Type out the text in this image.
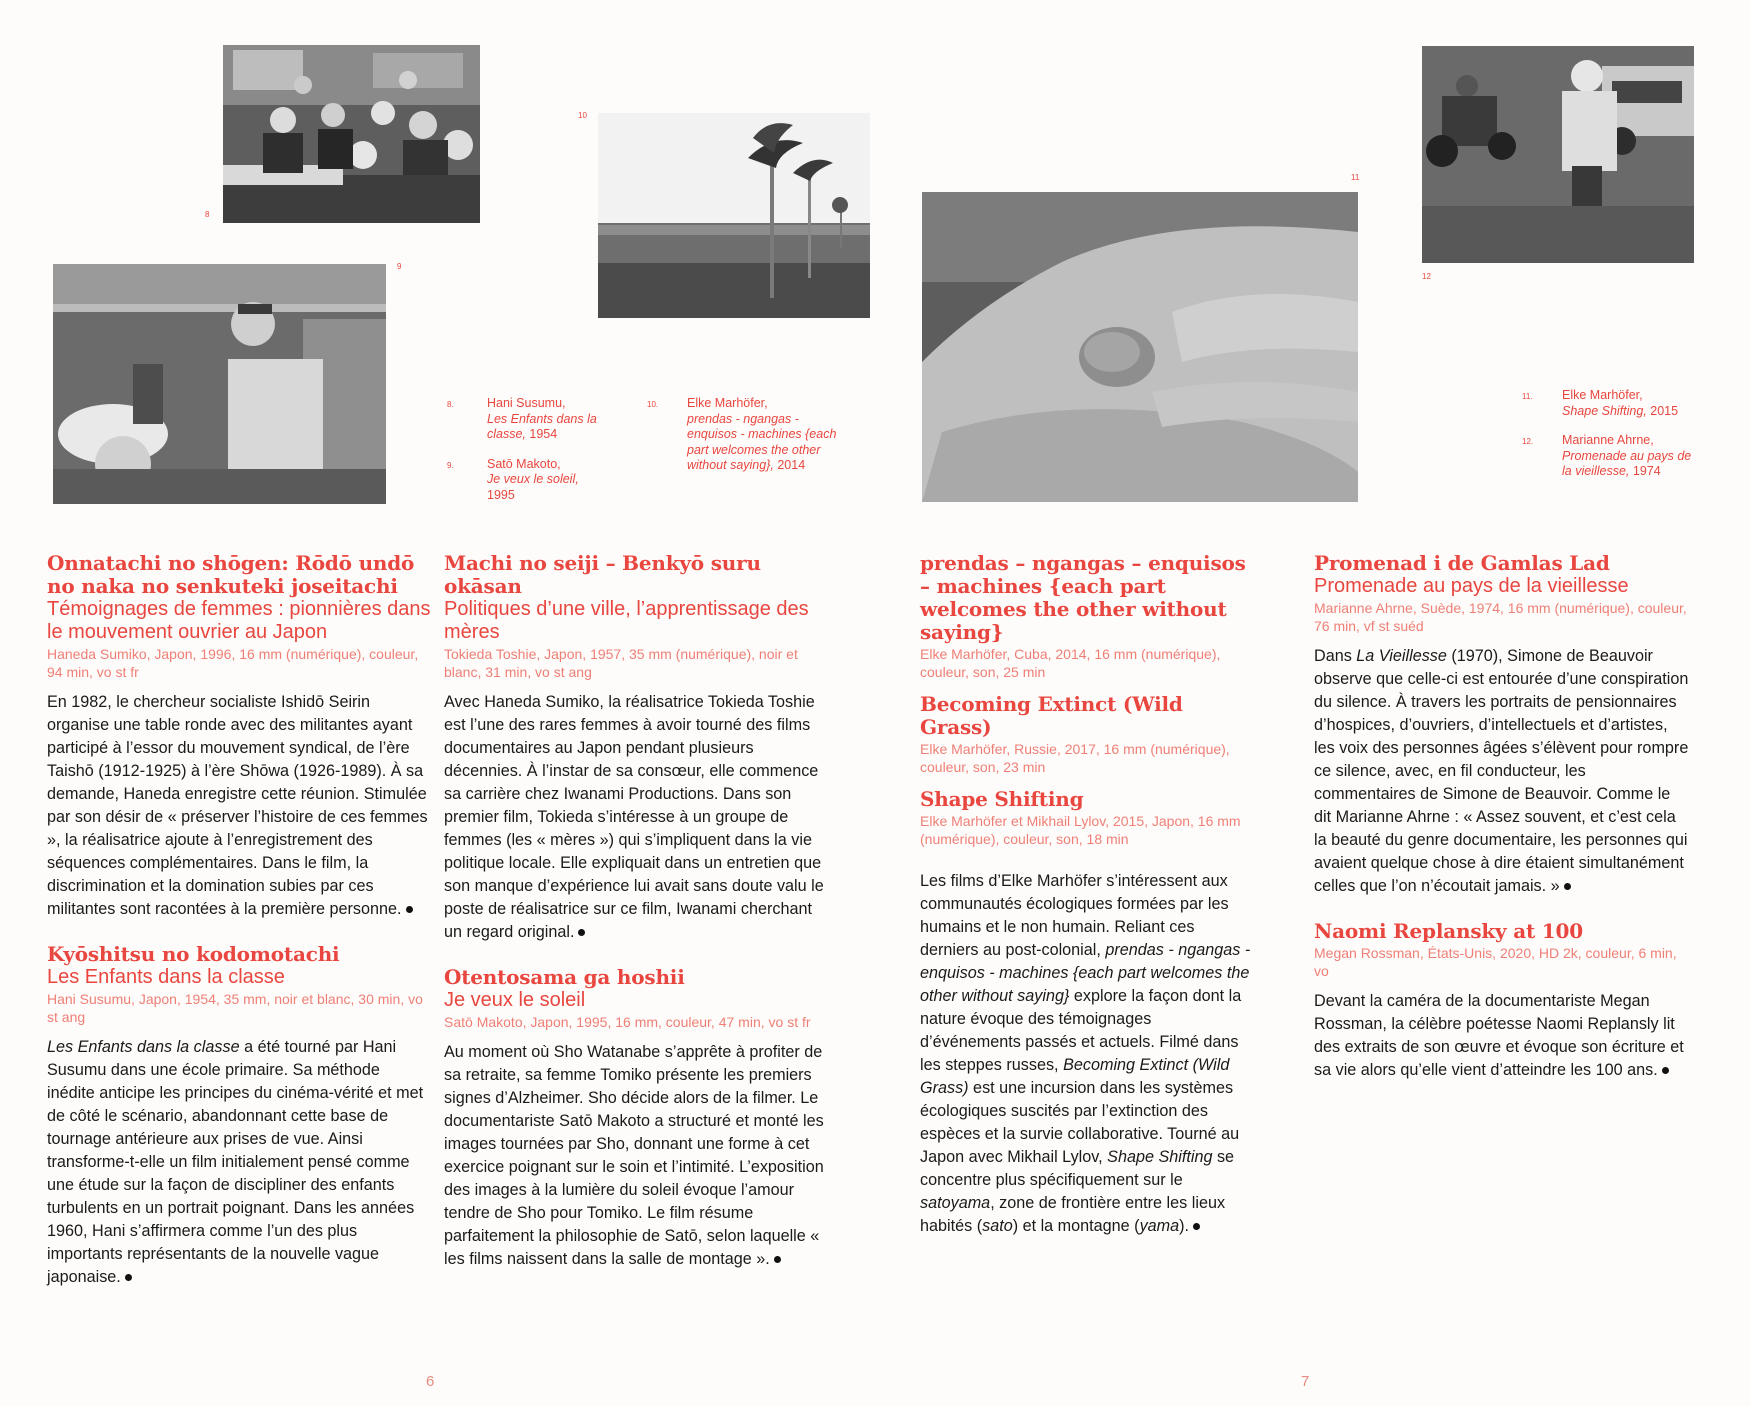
8
9
10
11
12
8.	Hani Susumu,
Les Enfants dans la classe, 1954
9.	Satō Makoto,
Je veux le soleil,
1995
10. Elke Marhöfer,
prendas - ngangas - enquisos - machines {each part welcomes the other without saying}, 2014
11. Elke Marhöfer,
Shape Shifting, 2015
12. Marianne Ahrne,
Promenade au pays de la vieillesse, 1974
Onnatachi no shōgen: Rōdō undō no naka no senkuteki joseitachi
Témoignages de femmes : pionnières dans le mouvement ouvrier au Japon
Haneda Sumiko, Japon, 1996, 16 mm (numérique), couleur, 94 min, vo st fr
En 1982, le chercheur socialiste Ishidō Seirin organise une table ronde avec des militantes ayant participé à l’essor du mouvement syndical, de l’ère Taishō (1912-1925) à l’ère Shōwa (1926-1989). À sa demande, Haneda enregistre cette réunion. Stimulée par son désir de « préserver l’histoire de ces femmes », la réalisatrice ajoute à l’enregistrement des séquences complémentaires. Dans le film, la discrimination et la domination subies par ces militantes sont racontées à la première personne.
Kyōshitsu no kodomotachi
Les Enfants dans la classe
Hani Susumu, Japon, 1954, 35 mm, noir et blanc, 30 min, vo st ang
Les Enfants dans la classe a été tourné par Hani Susumu dans une école primaire. Sa méthode inédite anticipe les principes du cinéma-vérité et met de côté le scénario, abandonnant cette base de tournage antérieure aux prises de vue. Ainsi transforme-t-elle un film initialement pensé comme une étude sur la façon de discipliner des enfants turbulents en un portrait poignant. Dans les années 1960, Hani s’affirmera comme l’un des plus importants représentants de la nouvelle vague japonaise.
Machi no seiji – Benkyō suru okāsan
Politiques d’une ville, l’apprentissage des mères
Tokieda Toshie, Japon, 1957, 35 mm (numérique), noir et blanc, 31 min, vo st ang
Avec Haneda Sumiko, la réalisatrice Tokieda Toshie est l’une des rares femmes à avoir tourné des films documentaires au Japon pendant plusieurs décennies. À l’instar de sa consœur, elle commence sa carrière chez Iwanami Productions. Dans son premier film, Tokieda s’intéresse à un groupe de femmes (les « mères ») qui s’impliquent dans la vie politique locale. Elle expliquait dans un entretien que son manque d’expérience lui avait sans doute valu le poste de réalisatrice sur ce film, Iwanami cherchant un regard original.
Otentosama ga hoshii
Je veux le soleil
Satō Makoto, Japon, 1995, 16 mm, couleur, 47 min, vo st fr
Au moment où Sho Watanabe s’apprête à profiter de sa retraite, sa femme Tomiko présente les premiers signes d’Alzheimer. Sho décide alors de la filmer. Le documentariste Satō Makoto a structuré et monté les images tournées par Sho, donnant une forme à cet exercice poignant sur le soin et l’intimité. L’exposition des images à la lumière du soleil évoque l’amour tendre de Sho pour Tomiko. Le film résume parfaitement la philosophie de Satō, selon laquelle « les films naissent dans la salle de montage ».
prendas – ngangas – enquisos – machines {each part welcomes the other without saying}
Elke Marhöfer, Cuba, 2014, 16 mm (numérique), couleur, son, 25 min
Becoming Extinct (Wild Grass)
Elke Marhöfer, Russie, 2017, 16 mm (numérique), couleur, son, 23 min
Shape Shifting
Elke Marhöfer et Mikhail Lylov, 2015, Japon, 16 mm (numérique), couleur, son, 18 min
Les films d’Elke Marhöfer s’intéressent aux communautés écologiques formées par les humains et le non humain. Reliant ces derniers au post-colonial, prendas - ngangas - enquisos - machines {each part welcomes the other without saying} explore la façon dont la nature évoque des témoignages d’événements passés et actuels. Filmé dans les steppes russes, Becoming Extinct (Wild Grass) est une incursion dans les systèmes écologiques suscités par l’extinction des espèces et la survie collaborative. Tourné au Japon avec Mikhail Lylov, Shape Shifting se concentre plus spécifiquement sur le satoyama, zone de frontière entre les lieux habités (sato) et la montagne (yama).
Promenad i de Gamlas Lad
Promenade au pays de la vieillesse
Marianne Ahrne, Suède, 1974, 16 mm (numérique), couleur, 76 min, vf st suéd
Dans La Vieillesse (1970), Simone de Beauvoir observe que celle-ci est entourée d’une conspiration du silence. À travers les portraits de pensionnaires d’hospices, d’ouvriers, d’intellectuels et d’artistes, les voix des personnes âgées s’élèvent pour rompre ce silence, avec, en fil conducteur, les commentaires de Simone de Beauvoir. Comme le dit Marianne Ahrne : « Assez souvent, et c’est cela la beauté du genre documentaire, les personnes qui avaient quelque chose à dire étaient simultanément celles que l’on n’écoutait jamais. »
Naomi Replansky at 100
Megan Rossman, États-Unis, 2020, HD 2k, couleur, 6 min, vo
Devant la caméra de la documentariste Megan Rossman, la célèbre poétesse Naomi Replansly lit des extraits de son œuvre et évoque son écriture et sa vie alors qu’elle vient d’atteindre les 100 ans.
6	7
